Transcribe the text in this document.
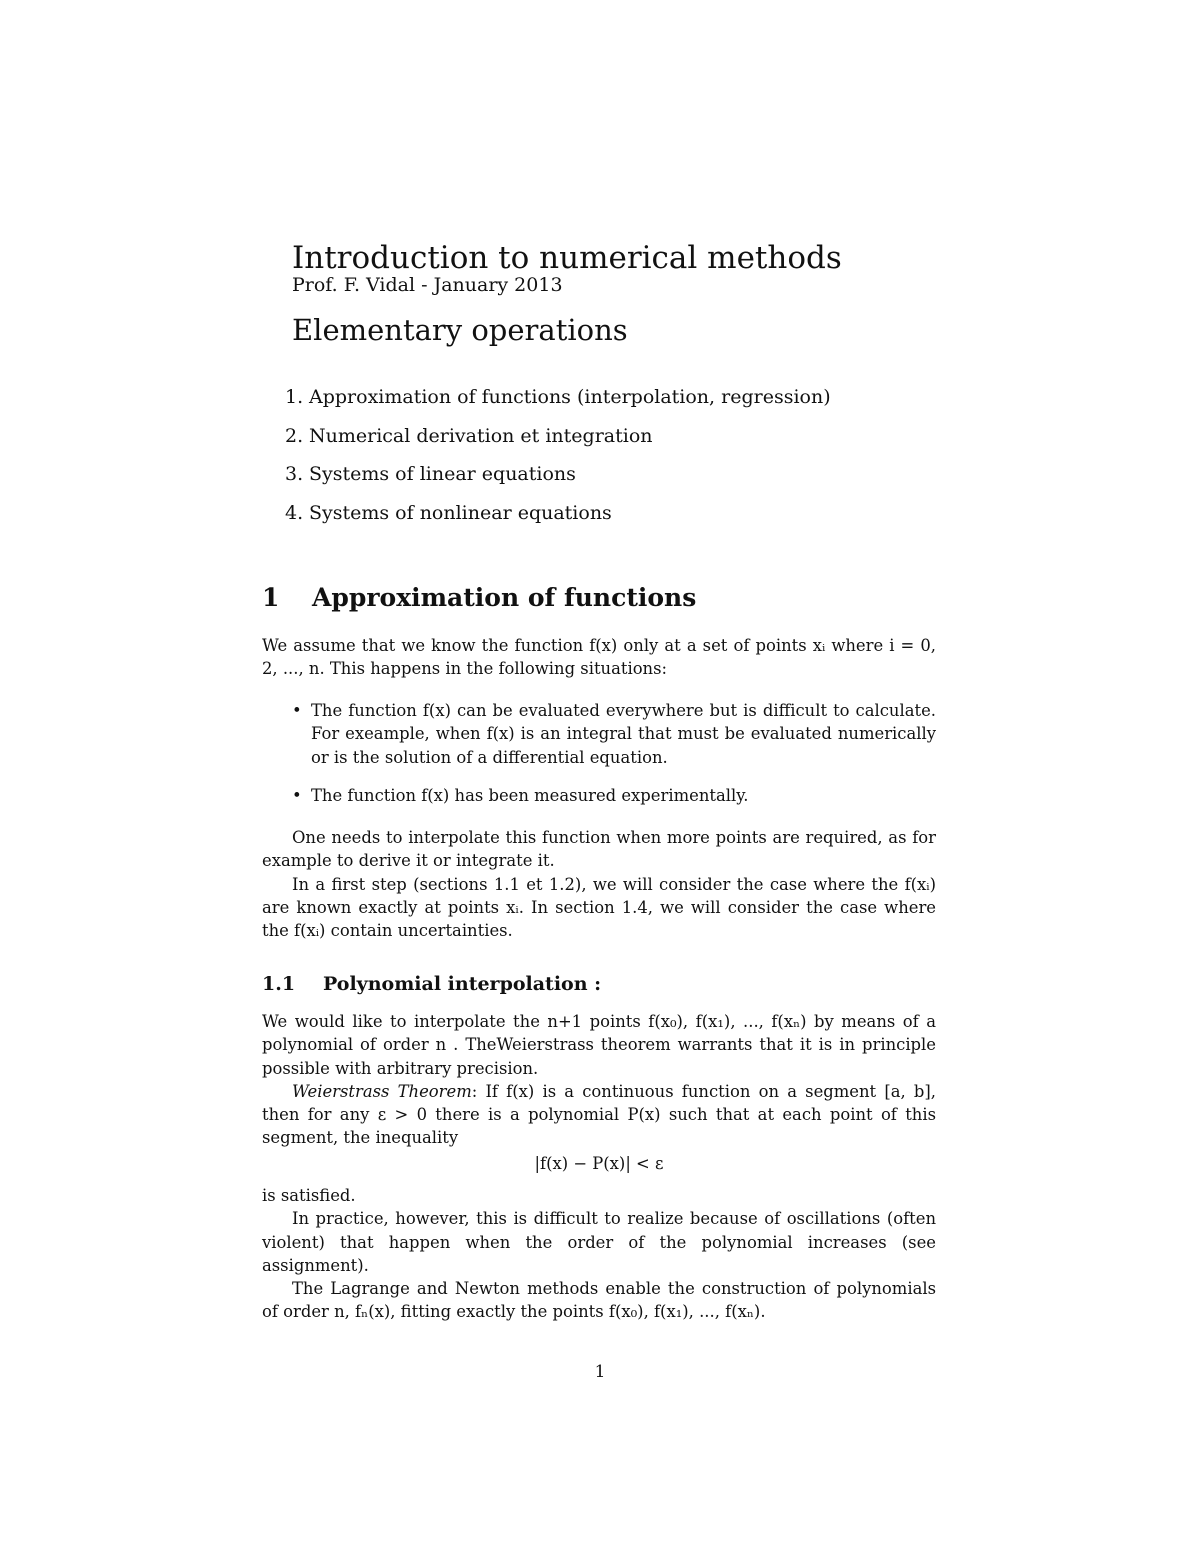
Introduction to numerical methods
Prof. F. Vidal - January 2013
Elementary operations
1. Approximation of functions (interpolation, regression)
2. Numerical derivation et integration
3. Systems of linear equations
4. Systems of nonlinear equations
1 Approximation of functions

We assume that we know the function f(x) only at a set of points xᵢ where i = 0, 2, ..., n. This happens in the following situations:

• The function f(x) can be evaluated everywhere but is difficult to calculate. For exeample, when f(x) is an integral that must be evaluated numerically or is the solution of a differential equation.
• The function f(x) has been measured experimentally.

One needs to interpolate this function when more points are required, as for example to derive it or integrate it.

In a first step (sections 1.1 et 1.2), we will consider the case where the f(xᵢ) are known exactly at points xᵢ. In section 1.4, we will consider the case where the f(xᵢ) contain uncertainties.

1.1 Polynomial interpolation :

We would like to interpolate the n+1 points f(x₀), f(x₁), ..., f(xₙ) by means of a polynomial of order n . TheWeierstrass theorem warrants that it is in principle possible with arbitrary precision.

Weierstrass Theorem: If f(x) is a continuous function on a segment [a, b], then for any ε > 0 there is a polynomial P(x) such that at each point of this segment, the inequality

|f(x) − P(x)| < ε

is satisfied.

In practice, however, this is difficult to realize because of oscillations (often violent) that happen when the order of the polynomial increases (see assignment).

The Lagrange and Newton methods enable the construction of polynomials of order n, fₙ(x), fitting exactly the points f(x₀), f(x₁), ..., f(xₙ).

1
